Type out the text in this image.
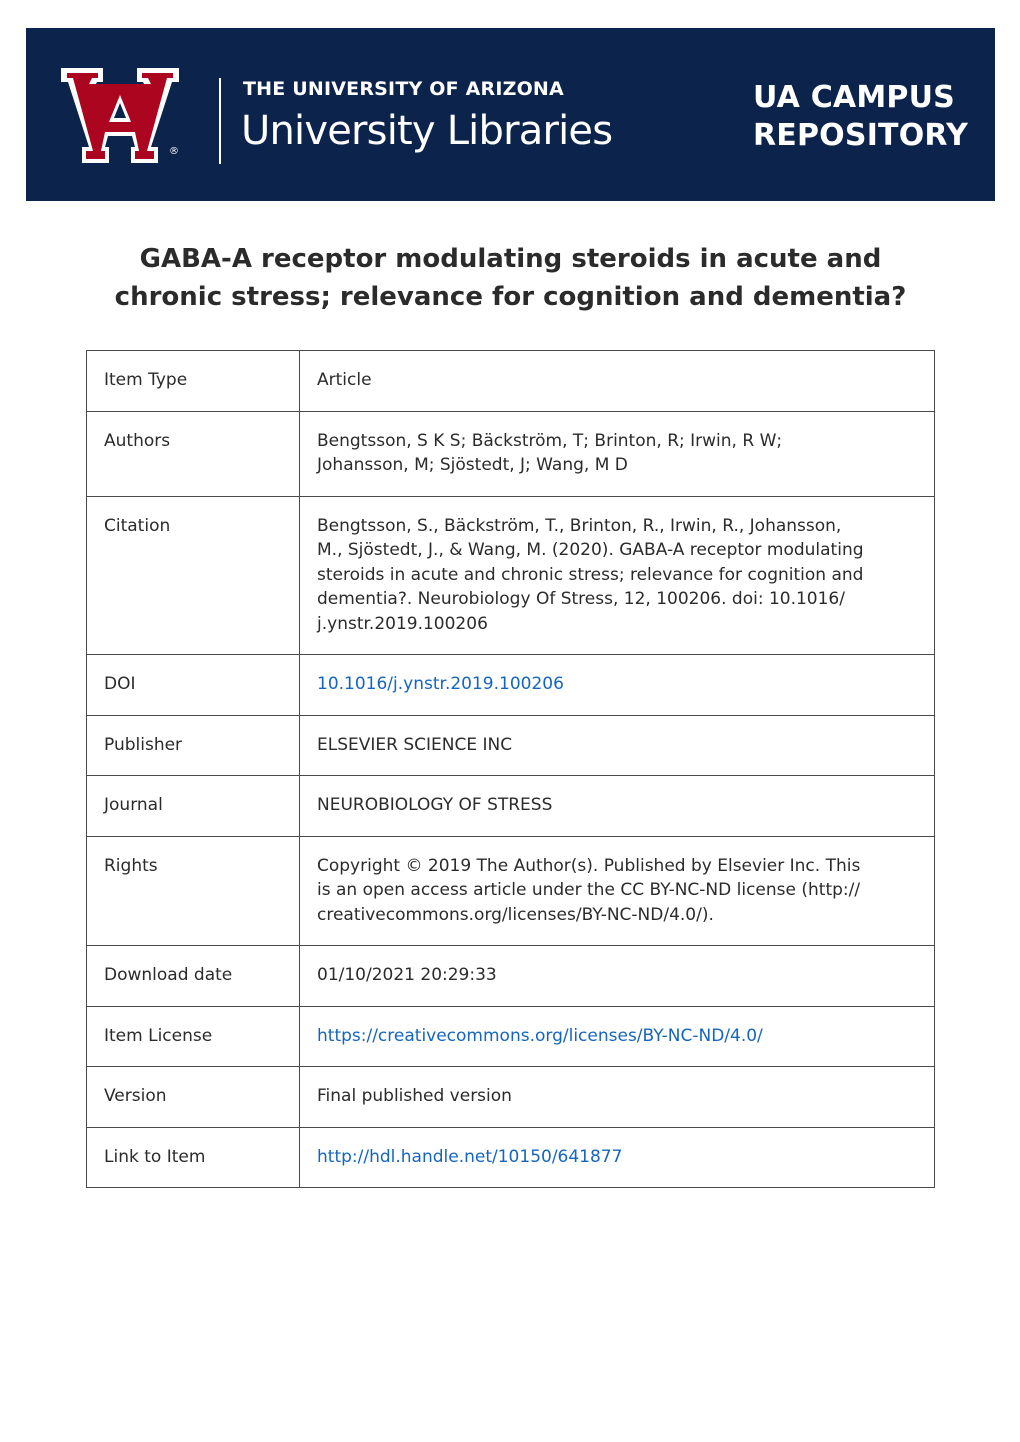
®
THE UNIVERSITY OF ARIZONA
University Libraries
UA CAMPUS
REPOSITORY
GABA-A receptor modulating steroids in acute and
chronic stress; relevance for cognition and dementia?
Item Type	Article
Authors	Bengtsson, S K S; Bäckström, T; Brinton, R; Irwin, R W;
Johansson, M; Sjöstedt, J; Wang, M D

Citation	Bengtsson, S., Bäckström, T., Brinton, R., Irwin, R., Johansson,
M., Sjöstedt, J., & Wang, M. (2020). GABA-A receptor modulating
steroids in acute and chronic stress; relevance for cognition and
dementia?. Neurobiology Of Stress, 12, 100206. doi: 10.1016/
j.ynstr.2019.100206

DOI	10.1016/j.ynstr.2019.100206
Publisher	ELSEVIER SCIENCE INC
Journal	NEUROBIOLOGY OF STRESS
Rights	Copyright © 2019 The Author(s). Published by Elsevier Inc. This
is an open access article under the CC BY-NC-ND license (http://
creativecommons.org/licenses/BY-NC-ND/4.0/).

Download date	01/10/2021 20:29:33
Item License	https://creativecommons.org/licenses/BY-NC-ND/4.0/
Version	Final published version
Link to Item	http://hdl.handle.net/10150/641877
